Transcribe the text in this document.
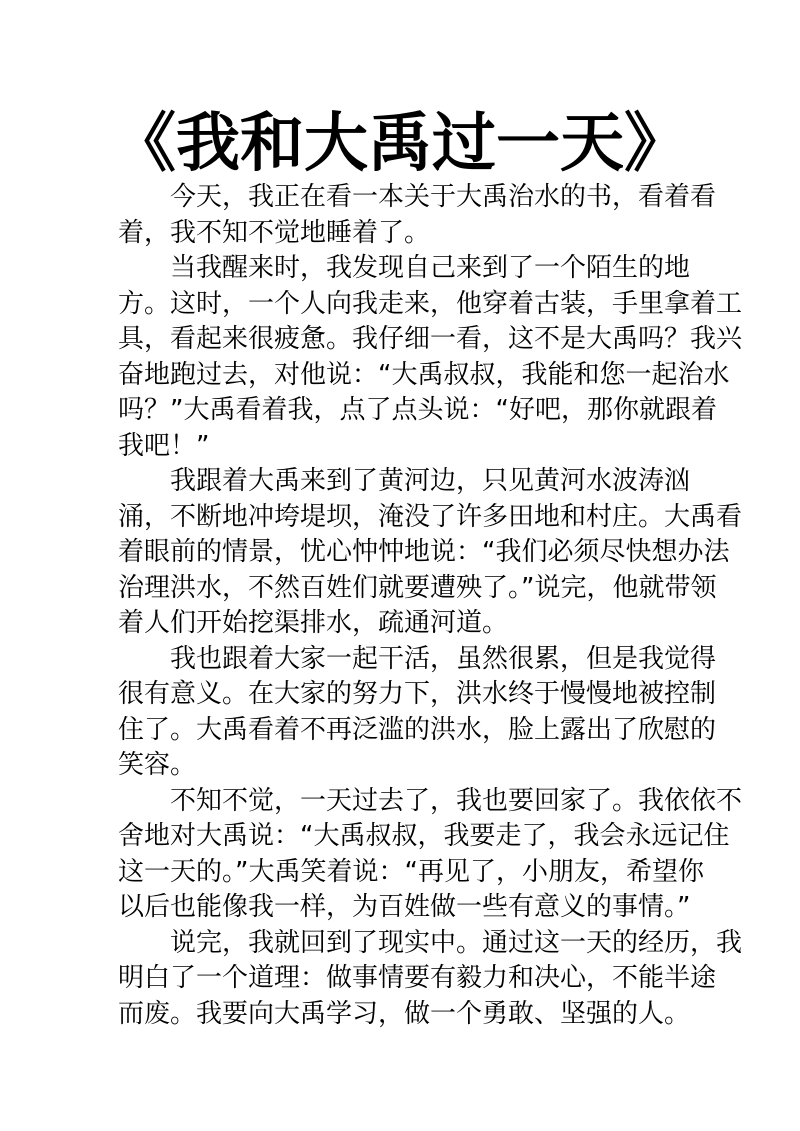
《我和大禹过一天》

今天，我正在看一本关于大禹治水的书，看着看
着，我不知不觉地睡着了。

当我醒来时，我发现自己来到了一个陌生的地
方。这时，一个人向我走来，他穿着古装，手里拿着工
具，看起来很疲惫。我仔细一看，这不是大禹吗？我兴
奋地跑过去，对他说：“大禹叔叔，我能和您一起治水
吗？”大禹看着我，点了点头说：“好吧，那你就跟着
我吧！”

我跟着大禹来到了黄河边，只见黄河水波涛汹
涌，不断地冲垮堤坝，淹没了许多田地和村庄。大禹看
着眼前的情景，忧心忡忡地说：“我们必须尽快想办法
治理洪水，不然百姓们就要遭殃了。”说完，他就带领
着人们开始挖渠排水，疏通河道。

我也跟着大家一起干活，虽然很累，但是我觉得
很有意义。在大家的努力下，洪水终于慢慢地被控制
住了。大禹看着不再泛滥的洪水，脸上露出了欣慰的
笑容。

不知不觉，一天过去了，我也要回家了。我依依不
舍地对大禹说：“大禹叔叔，我要走了，我会永远记住
这一天的。”大禹笑着说：“再见了，小朋友，希望你
以后也能像我一样，为百姓做一些有意义的事情。”

说完，我就回到了现实中。通过这一天的经历，我
明白了一个道理：做事情要有毅力和决心，不能半途
而废。我要向大禹学习，做一个勇敢、坚强的人。
